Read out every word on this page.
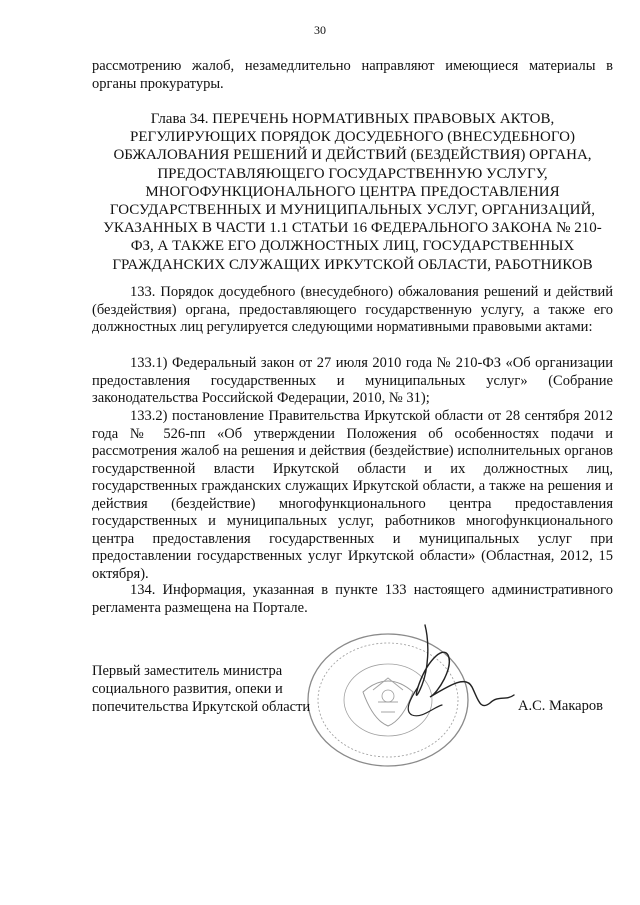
30
рассмотрению жалоб, незамедлительно направляют имеющиеся материалы в органы прокуратуры.
Глава 34. ПЕРЕЧЕНЬ НОРМАТИВНЫХ ПРАВОВЫХ АКТОВ, РЕГУЛИРУЮЩИХ ПОРЯДОК ДОСУДЕБНОГО (ВНЕСУДЕБНОГО) ОБЖАЛОВАНИЯ РЕШЕНИЙ И ДЕЙСТВИЙ (БЕЗДЕЙСТВИЯ) ОРГАНА, ПРЕДОСТАВЛЯЮЩЕГО ГОСУДАРСТВЕННУЮ УСЛУГУ, МНОГОФУНКЦИОНАЛЬНОГО ЦЕНТРА ПРЕДОСТАВЛЕНИЯ ГОСУДАРСТВЕННЫХ И МУНИЦИПАЛЬНЫХ УСЛУГ, ОРГАНИЗАЦИЙ, УКАЗАННЫХ В ЧАСТИ 1.1 СТАТЬИ 16 ФЕДЕРАЛЬНОГО ЗАКОНА № 210-ФЗ, А ТАКЖЕ ЕГО ДОЛЖНОСТНЫХ ЛИЦ, ГОСУДАРСТВЕННЫХ ГРАЖДАНСКИХ СЛУЖАЩИХ ИРКУТСКОЙ ОБЛАСТИ, РАБОТНИКОВ
133. Порядок досудебного (внесудебного) обжалования решений и действий (бездействия) органа, предоставляющего государственную услугу, а также его должностных лиц регулируется следующими нормативными правовыми актами:
133.1) Федеральный закон от 27 июля 2010 года № 210-ФЗ «Об организации предоставления государственных и муниципальных услуг» (Собрание законодательства Российской Федерации, 2010, № 31);
133.2) постановление Правительства Иркутской области от 28 сентября 2012 года № 526-пп «Об утверждении Положения об особенностях подачи и рассмотрения жалоб на решения и действия (бездействие) исполнительных органов государственной власти Иркутской области и их должностных лиц, государственных гражданских служащих Иркутской области, а также на решения и действия (бездействие) многофункционального центра предоставления государственных и муниципальных услуг, работников многофункционального центра предоставления государственных и муниципальных услуг при предоставлении государственных услуг Иркутской области» (Областная, 2012, 15 октября).
134. Информация, указанная в пункте 133 настоящего административного регламента размещена на Портале.
Первый заместитель министра социального развития, опеки и попечительства Иркутской области	А.С. Макаров
